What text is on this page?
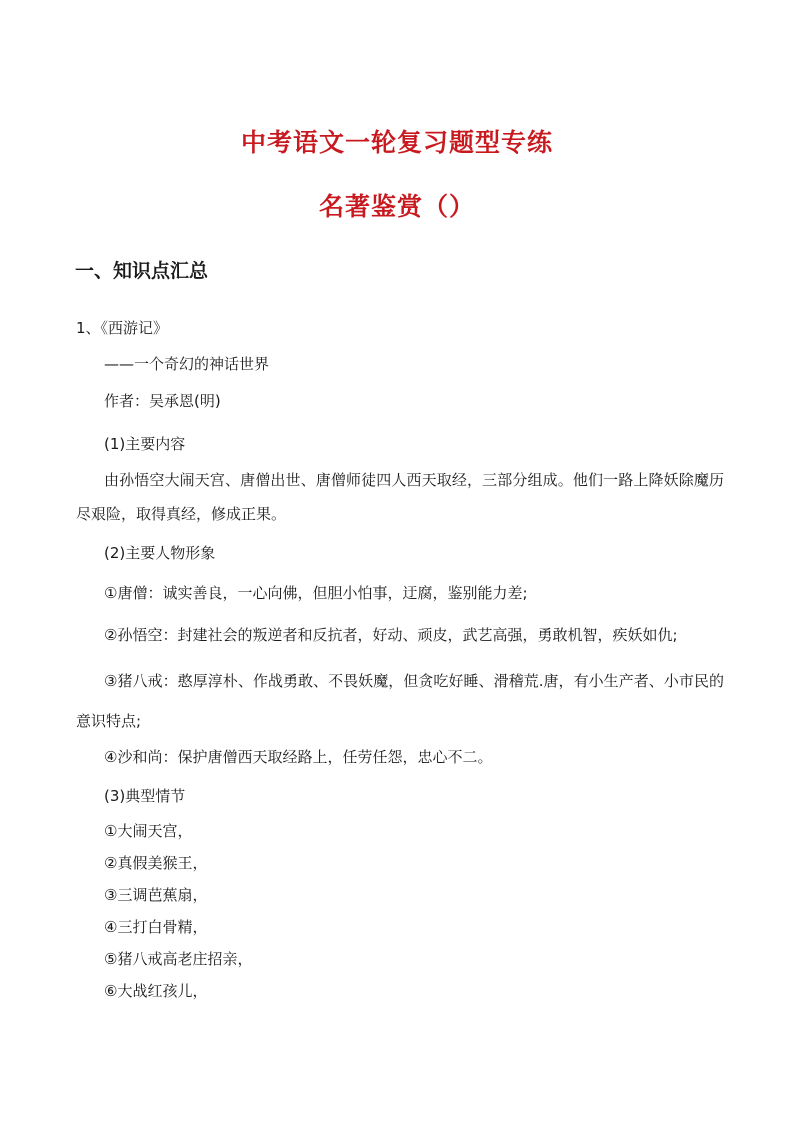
中考语文一轮复习题型专练
名著鉴赏（）
一、知识点汇总
1、《西游记》
——一个奇幻的神话世界
作者：吴承恩(明)
(1)主要内容
由孙悟空大闹天宫、唐僧出世、唐僧师徒四人西天取经，三部分组成。他们一路上降妖除魔历尽艰险，取得真经，修成正果。
(2)主要人物形象
①唐僧：诚实善良，一心向佛，但胆小怕事，迂腐，鉴别能力差;
②孙悟空：封建社会的叛逆者和反抗者，好动、顽皮，武艺高强，勇敢机智，疾妖如仇;
③猪八戒：憨厚淳朴、作战勇敢、不畏妖魔，但贪吃好睡、滑稽荒.唐，有小生产者、小市民的意识特点;
④沙和尚：保护唐僧西天取经路上，任劳任怨，忠心不二。
(3)典型情节
①大闹天宫，
②真假美猴王，
③三调芭蕉扇，
④三打白骨精，
⑤猪八戒高老庄招亲，
⑥大战红孩儿，
